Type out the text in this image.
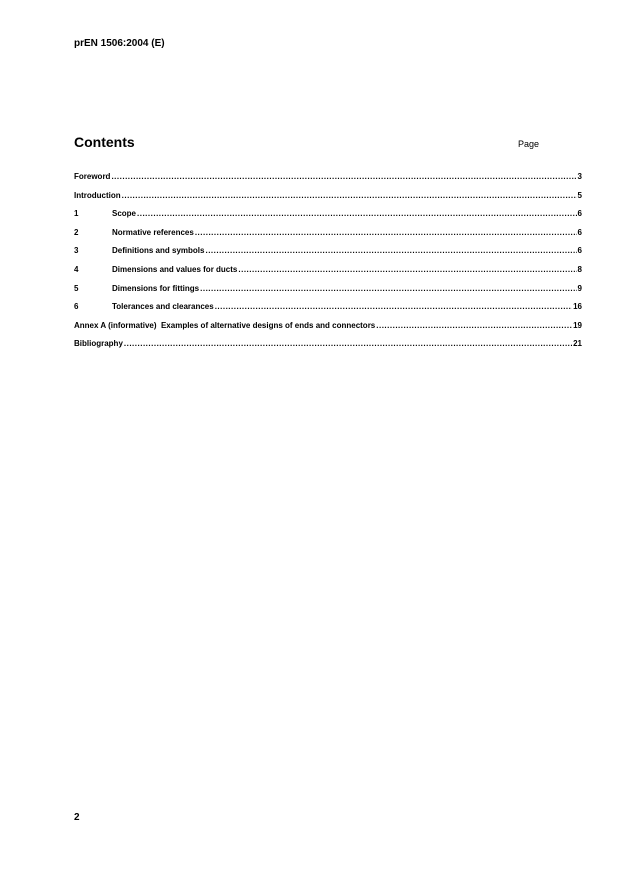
prEN 1506:2004 (E)
Contents	Page
Foreword .....	3
Introduction .....	5
1	Scope .....	6
2	Normative references .....	6
3	Definitions and symbols .....	6
4	Dimensions and values for ducts .....	8
5	Dimensions for fittings .....	9
6	Tolerances and clearances .....	16
Annex A (informative)  Examples of alternative designs of ends and connectors .....	19
Bibliography .....	21
2
